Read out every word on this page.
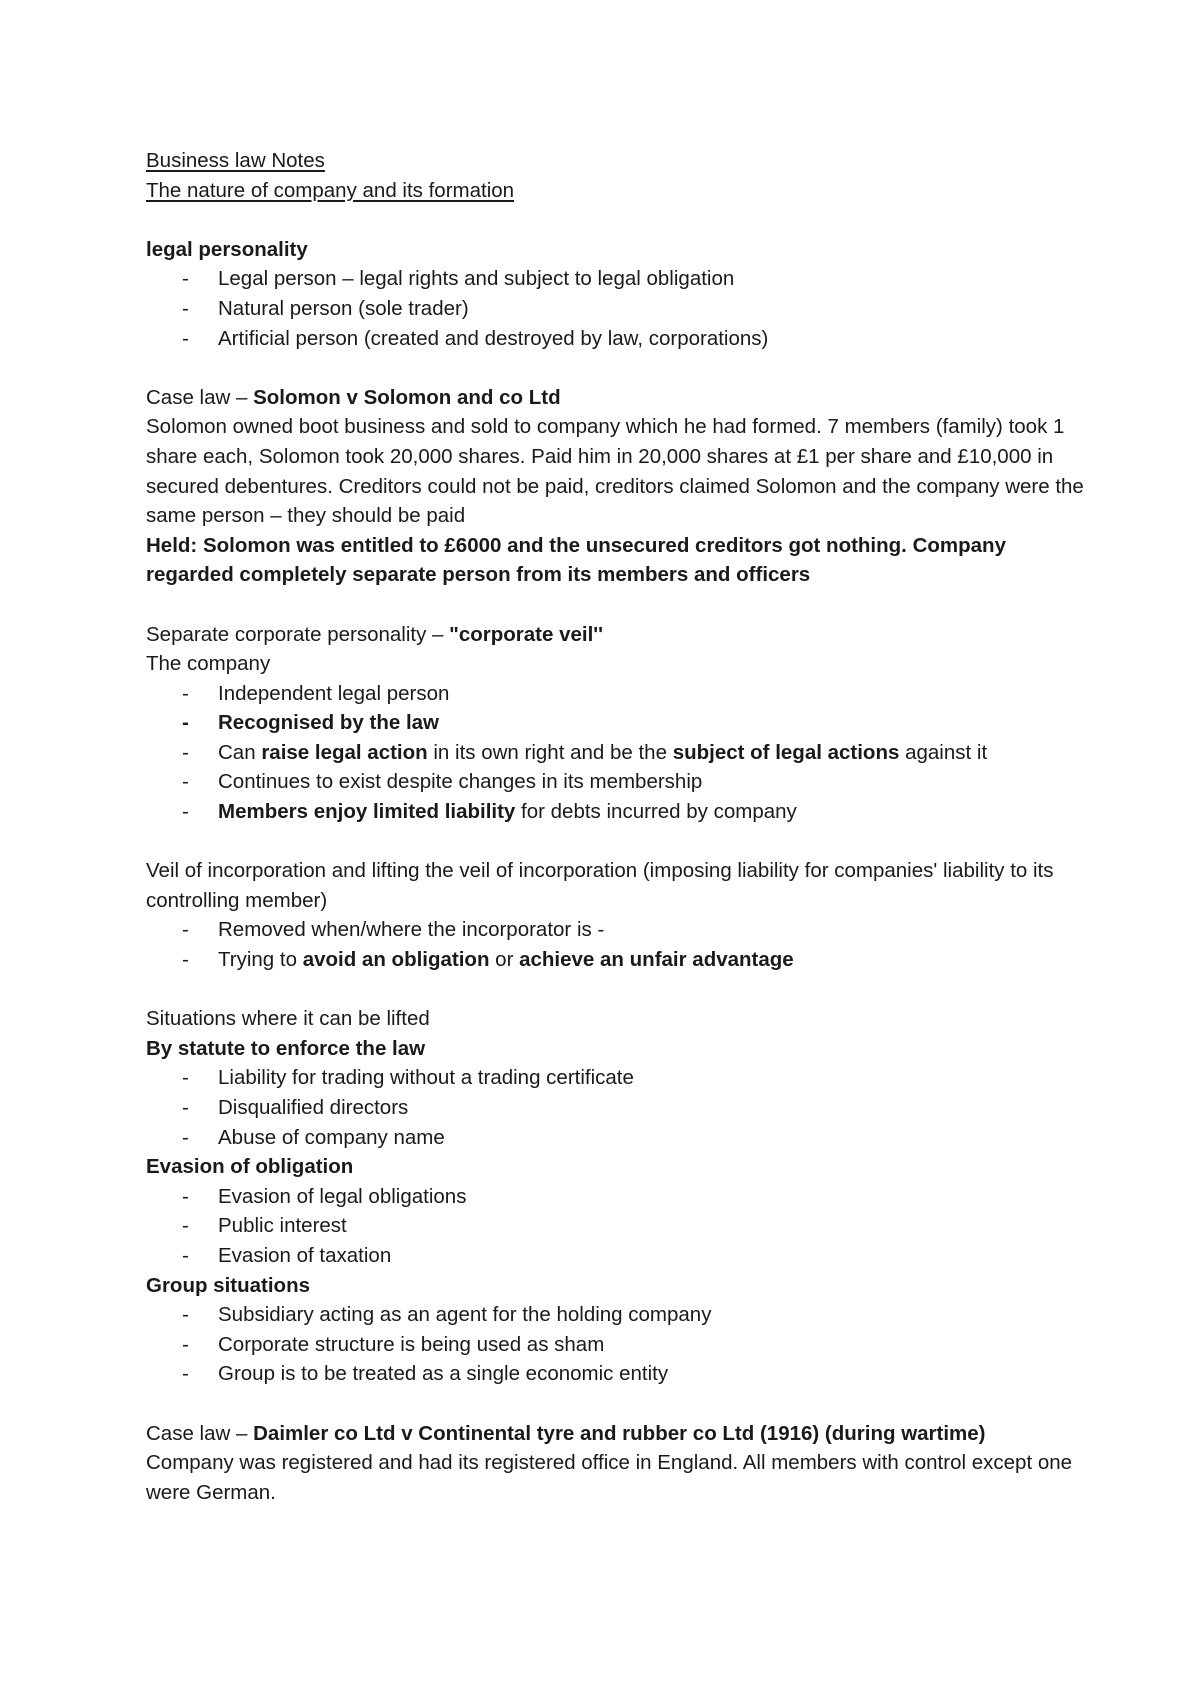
Business law Notes

The nature of company and its formation

legal personality

- Legal person – legal rights and subject to legal obligation
- Natural person (sole trader)
- Artificial person (created and destroyed by law, corporations)

Case law – Solomon v Solomon and co Ltd

Solomon owned boot business and sold to company which he had formed. 7 members (family) took 1 share each, Solomon took 20,000 shares. Paid him in 20,000 shares at £1 per share and £10,000 in secured debentures. Creditors could not be paid, creditors claimed Solomon and the company were the same person – they should be paid

Held: Solomon was entitled to £6000 and the unsecured creditors got nothing. Company regarded completely separate person from its members and officers

Separate corporate personality – "corporate veil''

The company

- Independent legal person
- Recognised by the law
- Can raise legal action in its own right and be the subject of legal actions against it
- Continues to exist despite changes in its membership
- Members enjoy limited liability for debts incurred by company

Veil of incorporation and lifting the veil of incorporation (imposing liability for companies' liability to its controlling member)

- Removed when/where the incorporator is -
- Trying to avoid an obligation or achieve an unfair advantage

Situations where it can be lifted

By statute to enforce the law

- Liability for trading without a trading certificate
- Disqualified directors
- Abuse of company name

Evasion of obligation

- Evasion of legal obligations
- Public interest
- Evasion of taxation

Group situations

- Subsidiary acting as an agent for the holding company
- Corporate structure is being used as sham
- Group is to be treated as a single economic entity

Case law – Daimler co Ltd v Continental tyre and rubber co Ltd (1916) (during wartime)

Company was registered and had its registered office in England. All members with control except one were German.
